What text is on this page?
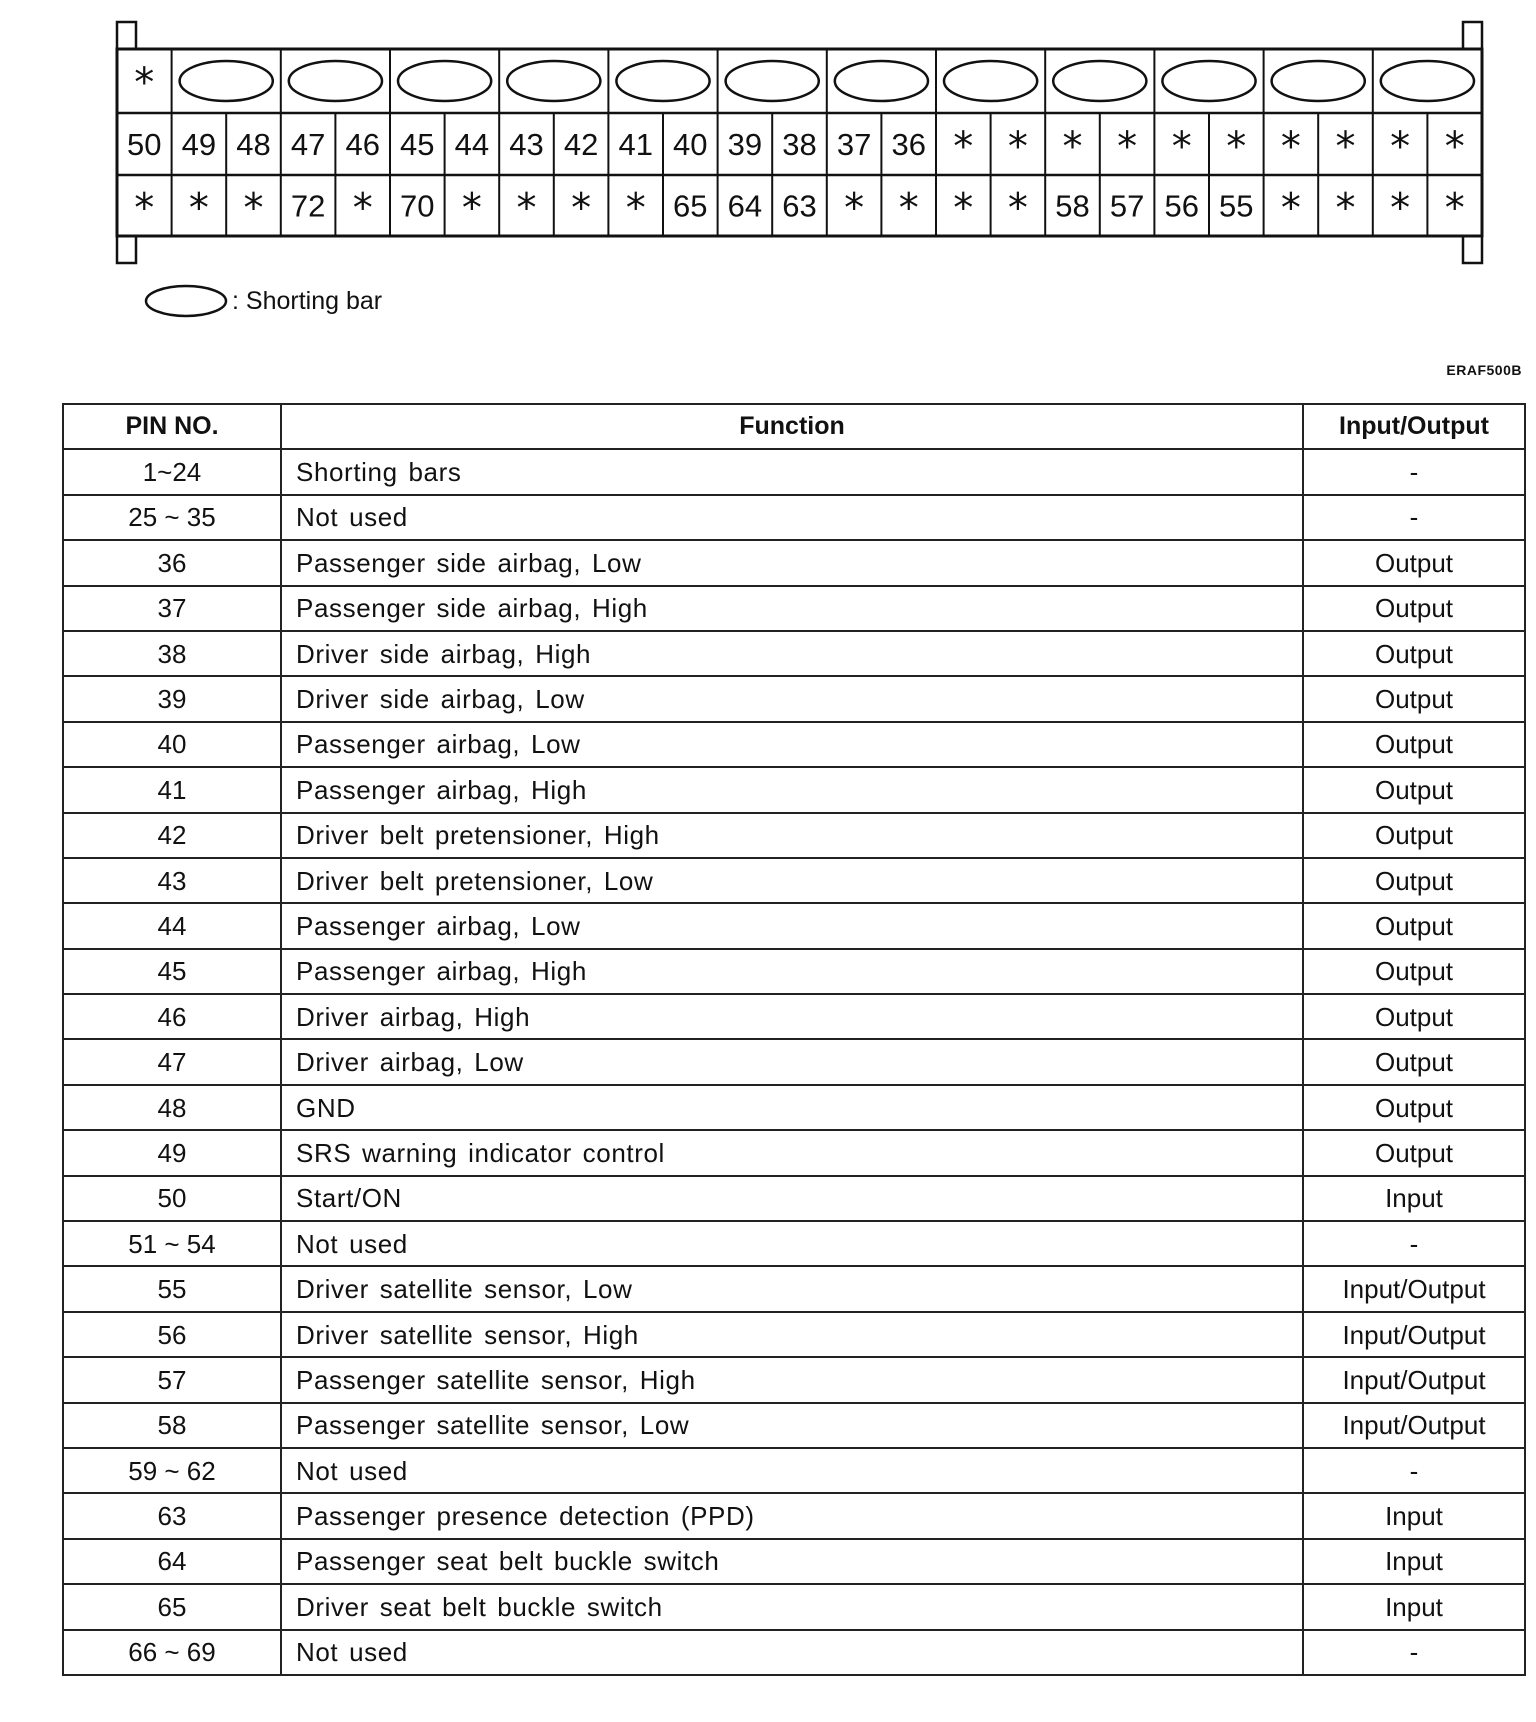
*
50 49 48 47 46 45 44 43 42 41 40 39 38 37 36 * * * * * * * * * *
* * * 72 * 70 * * * * 65 64 63 * * * * 58 57 56 55 * * * *
: Shorting bar
ERAF500B
PIN NO.	Function	Input/Output
1~24	Shorting bars	-
25 ~ 35	Not used	-
36	Passenger side airbag, Low	Output
37	Passenger side airbag, High	Output
38	Driver side airbag, High	Output
39	Driver side airbag, Low	Output
40	Passenger airbag, Low	Output
41	Passenger airbag, High	Output
42	Driver belt pretensioner, High	Output
43	Driver belt pretensioner, Low	Output
44	Passenger airbag, Low	Output
45	Passenger airbag, High	Output
46	Driver airbag, High	Output
47	Driver airbag, Low	Output
48	GND	Output
49	SRS warning indicator control	Output
50	Start/ON	Input
51 ~ 54	Not used	-
55	Driver satellite sensor, Low	Input/Output
56	Driver satellite sensor, High	Input/Output
57	Passenger satellite sensor, High	Input/Output
58	Passenger satellite sensor, Low	Input/Output
59 ~ 62	Not used	-
63	Passenger presence detection (PPD)	Input
64	Passenger seat belt buckle switch	Input
65	Driver seat belt buckle switch	Input
66 ~ 69	Not used	-
